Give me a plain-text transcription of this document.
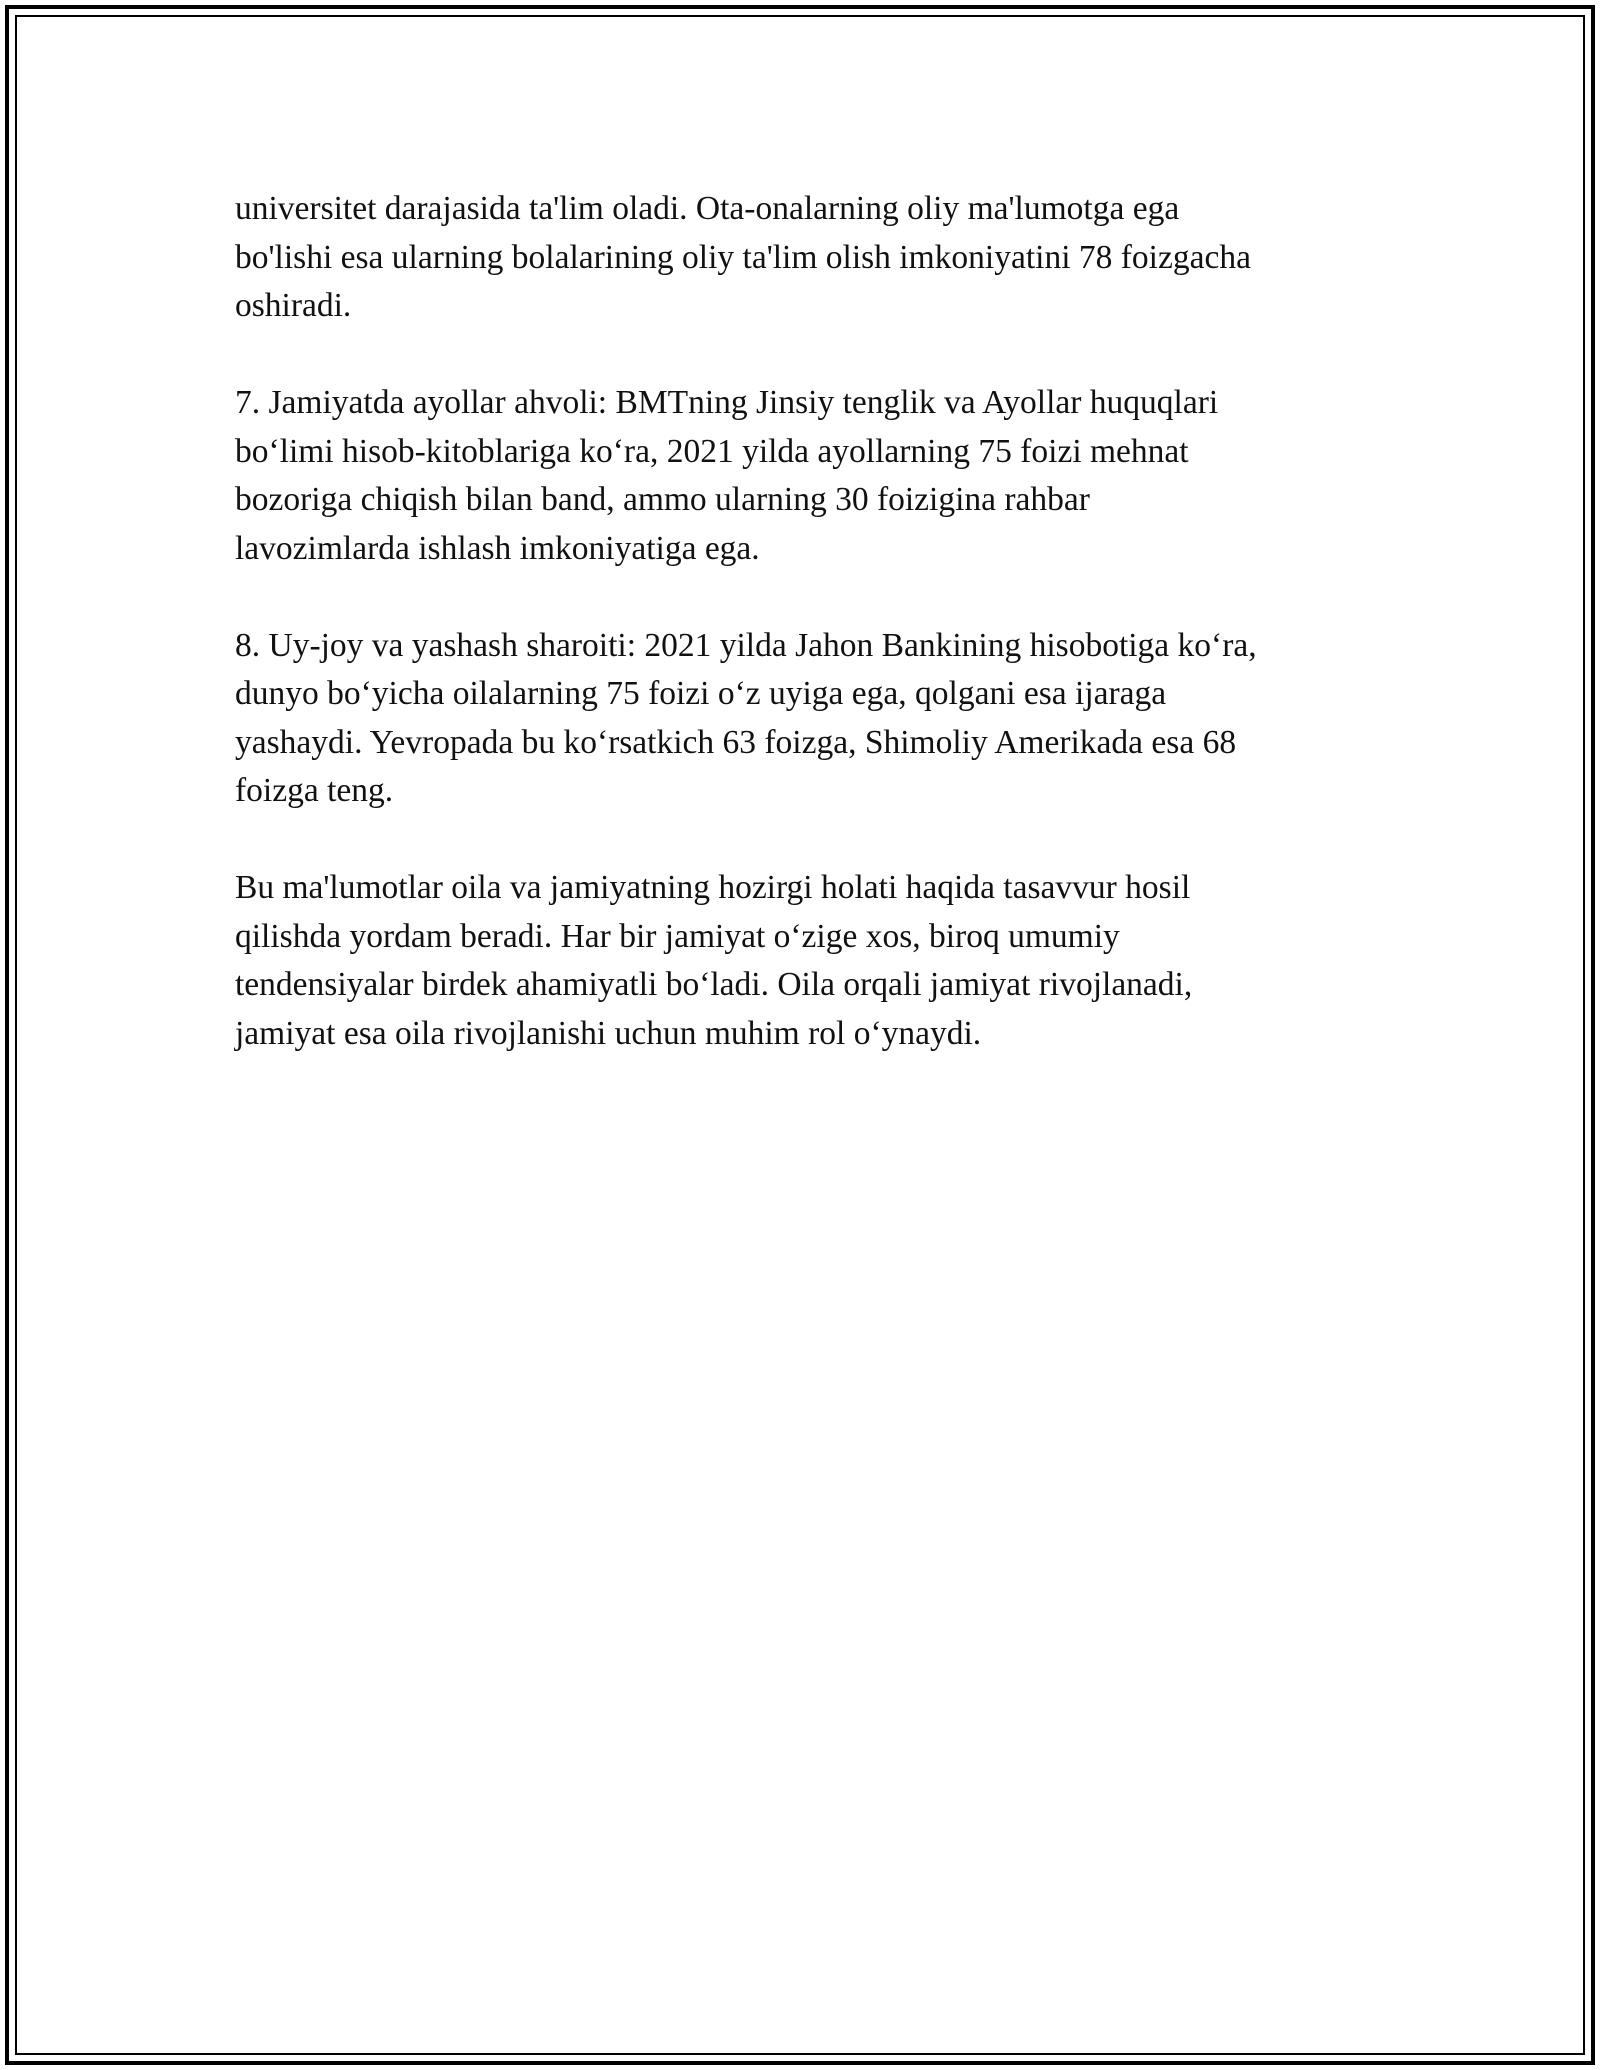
universitet darajasida ta'lim oladi. Ota-onalarning oliy ma'lumotga ega
bo'lishi esa ularning bolalarining oliy ta'lim olish imkoniyatini 78 foizgacha
oshiradi.

7. Jamiyatda ayollar ahvoli: BMTning Jinsiy tenglik va Ayollar huquqlari
bo‘limi hisob-kitoblariga ko‘ra, 2021 yilda ayollarning 75 foizi mehnat
bozoriga chiqish bilan band, ammo ularning 30 foizigina rahbar
lavozimlarda ishlash imkoniyatiga ega.

8. Uy-joy va yashash sharoiti: 2021 yilda Jahon Bankining hisobotiga ko‘ra,
dunyo bo‘yicha oilalarning 75 foizi o‘z uyiga ega, qolgani esa ijaraga
yashaydi. Yevropada bu ko‘rsatkich 63 foizga, Shimoliy Amerikada esa 68
foizga teng.

Bu ma'lumotlar oila va jamiyatning hozirgi holati haqida tasavvur hosil
qilishda yordam beradi. Har bir jamiyat o‘zige xos, biroq umumiy
tendensiyalar birdek ahamiyatli bo‘ladi. Oila orqali jamiyat rivojlanadi,
jamiyat esa oila rivojlanishi uchun muhim rol o‘ynaydi.
